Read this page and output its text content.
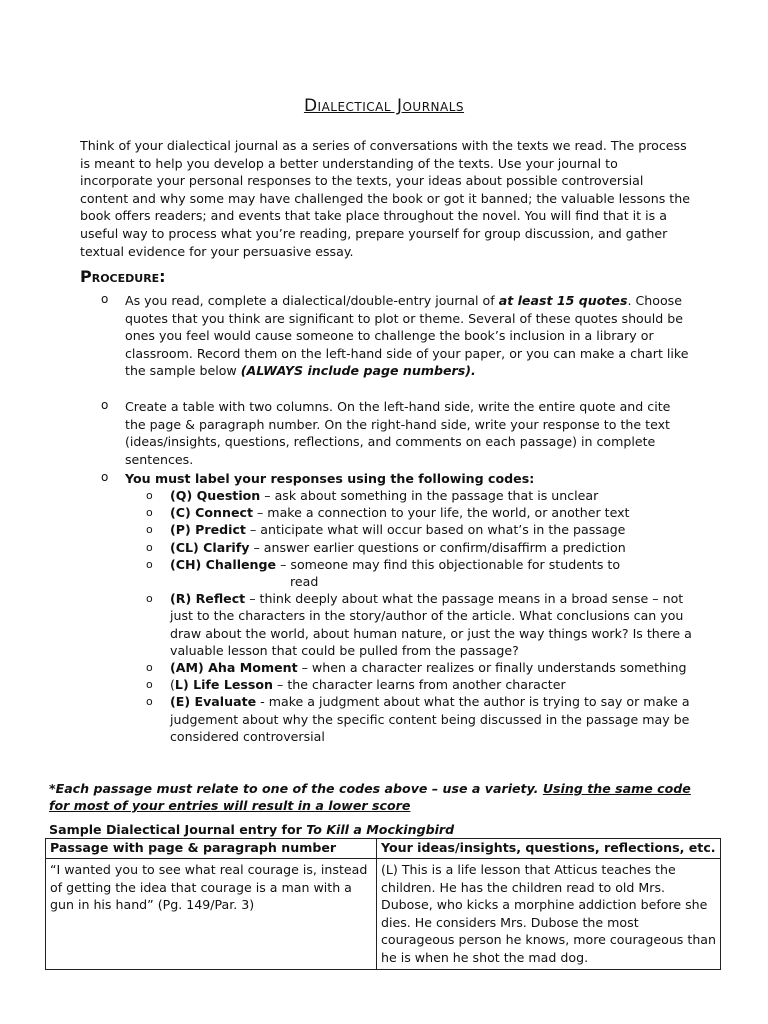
Dialectical Journals
Think of your dialectical journal as a series of conversations with the texts we read. The process is meant to help you develop a better understanding of the texts. Use your journal to incorporate your personal responses to the texts, your ideas about possible controversial content and why some may have challenged the book or got it banned; the valuable lessons the book offers readers; and events that take place throughout the novel. You will find that it is a useful way to process what you’re reading, prepare yourself for group discussion, and gather textual evidence for your persuasive essay.
Procedure:
o As you read, complete a dialectical/double-entry journal of at least 15 quotes. Choose quotes that you think are significant to plot or theme. Several of these quotes should be ones you feel would cause someone to challenge the book’s inclusion in a library or classroom. Record them on the left-hand side of your paper, or you can make a chart like the sample below (ALWAYS include page numbers).
o Create a table with two columns. On the left-hand side, write the entire quote and cite the page & paragraph number. On the right-hand side, write your response to the text (ideas/insights, questions, reflections, and comments on each passage) in complete sentences.
o You must label your responses using the following codes:
o (Q) Question – ask about something in the passage that is unclear
o (C) Connect – make a connection to your life, the world, or another text
o (P) Predict – anticipate what will occur based on what’s in the passage
o (CL) Clarify – answer earlier questions or confirm/disaffirm a prediction
o (CH) Challenge – someone may find this objectionable for students to
read
o (R) Reflect – think deeply about what the passage means in a broad sense – not just to the characters in the story/author of the article. What conclusions can you draw about the world, about human nature, or just the way things work? Is there a valuable lesson that could be pulled from the passage?
o (AM) Aha Moment – when a character realizes or finally understands something
o (L) Life Lesson – the character learns from another character
o (E) Evaluate - make a judgment about what the author is trying to say or make a judgement about why the specific content being discussed in the passage may be considered controversial
*Each passage must relate to one of the codes above – use a variety. Using the same code for most of your entries will result in a lower score
Sample Dialectical Journal entry for To Kill a Mockingbird
Passage with page & paragraph number	Your ideas/insights, questions, reflections, etc.
“I wanted you to see what real courage is, instead of getting the idea that courage is a man with a gun in his hand” (Pg. 149/Par. 3)	(L) This is a life lesson that Atticus teaches the children. He has the children read to old Mrs. Dubose, who kicks a morphine addiction before she dies. He considers Mrs. Dubose the most courageous person he knows, more courageous than he is when he shot the mad dog.
